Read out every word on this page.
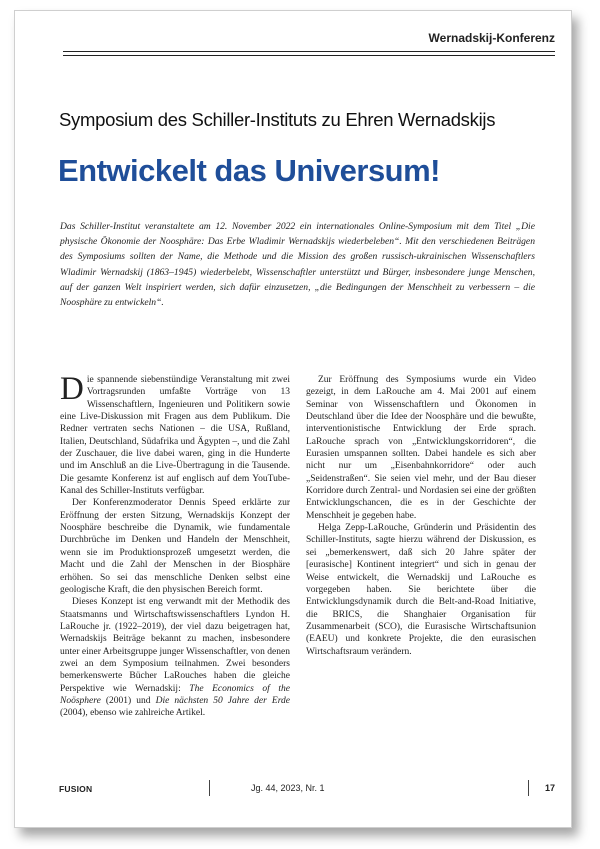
Wernadskij-Konferenz
Symposium des Schiller-Instituts zu Ehren Wernadskijs
Entwickelt das Universum!

Das Schiller-Institut veranstaltete am 12. November 2022 ein internationales Online-Symposium mit dem Titel „Die physische Ökonomie der Noosphäre: Das Erbe Wladimir Wernadskijs wiederbeleben“. Mit den verschiedenen Beiträgen des Symposiums sollten der Name, die Methode und die Mission des großen russisch-ukrainischen Wissenschaftlers Wladimir Wernadskij (1863–1945) wiederbelebt, Wissenschaftler unterstützt und Bürger, insbesondere junge Menschen, auf der ganzen Welt inspiriert werden, sich dafür einzusetzen, „die Bedingungen der Menschheit zu verbessern – die Noosphäre zu entwickeln“.

Die spannende siebenstündige Veranstaltung mit zwei Vortragsrunden umfaßte Vorträge von 13 Wissenschaftlern, Ingenieuren und Politikern sowie eine Live-Diskussion mit Fragen aus dem Publikum. Die Redner vertraten sechs Nationen – die USA, Rußland, Italien, Deutschland, Südafrika und Ägypten –, und die Zahl der Zuschauer, die live dabei waren, ging in die Hunderte und im Anschluß an die Live-Übertragung in die Tausende. Die gesamte Konferenz ist auf englisch auf dem YouTube-Kanal des Schiller-Instituts verfügbar.

Der Konferenzmoderator Dennis Speed erklärte zur Eröffnung der ersten Sitzung, Wernadskijs Konzept der Noosphäre beschreibe die Dynamik, wie fundamentale Durchbrüche im Denken und Handeln der Menschheit, wenn sie im Produktionsprozeß umgesetzt werden, die Macht und die Zahl der Menschen in der Biosphäre erhöhen. So sei das menschliche Denken selbst eine geologische Kraft, die den physischen Bereich formt.

Dieses Konzept ist eng verwandt mit der Methodik des Staatsmanns und Wirtschaftswissenschaftlers Lyndon H. LaRouche jr. (1922–2019), der viel dazu beigetragen hat, Wernadskijs Beiträge bekannt zu machen, insbesondere unter einer Arbeitsgruppe junger Wissenschaftler, von denen zwei an dem Symposium teilnahmen. Zwei besonders bemerkenswerte Bücher LaRouches haben die gleiche Perspektive wie Wernadskij: The Economics of the Noösphere (2001) und Die nächsten 50 Jahre der Erde (2004), ebenso wie zahlreiche Artikel.

Zur Eröffnung des Symposiums wurde ein Video gezeigt, in dem LaRouche am 4. Mai 2001 auf einem Seminar von Wissenschaftlern und Ökonomen in Deutschland über die Idee der Noosphäre und die bewußte, interventionistische Entwicklung der Erde sprach. LaRouche sprach von „Entwicklungskorridoren“, die Eurasien umspannen sollten. Dabei handele es sich aber nicht nur um „Eisenbahnkorridore“ oder auch „Seidenstraßen“. Sie seien viel mehr, und der Bau dieser Korridore durch Zentral- und Nordasien sei eine der größten Entwicklungschancen, die es in der Geschichte der Menschheit je gegeben habe.

Helga Zepp-LaRouche, Gründerin und Präsidentin des Schiller-Instituts, sagte hierzu während der Diskussion, es sei „bemerkenswert, daß sich 20 Jahre später der [eurasische] Kontinent integriert“ und sich in genau der Weise entwickelt, die Wernadskij und LaRouche es vorgegeben haben. Sie berichtete über die Entwicklungsdynamik durch die Belt-and-Road Initiative, die BRICS, die Shanghaier Organisation für Zusammenarbeit (SCO), die Eurasische Wirtschaftsunion (EAEU) und konkrete Projekte, die den eurasischen Wirtschaftsraum verändern.

FUSION	Jg. 44, 2023, Nr. 1	17
